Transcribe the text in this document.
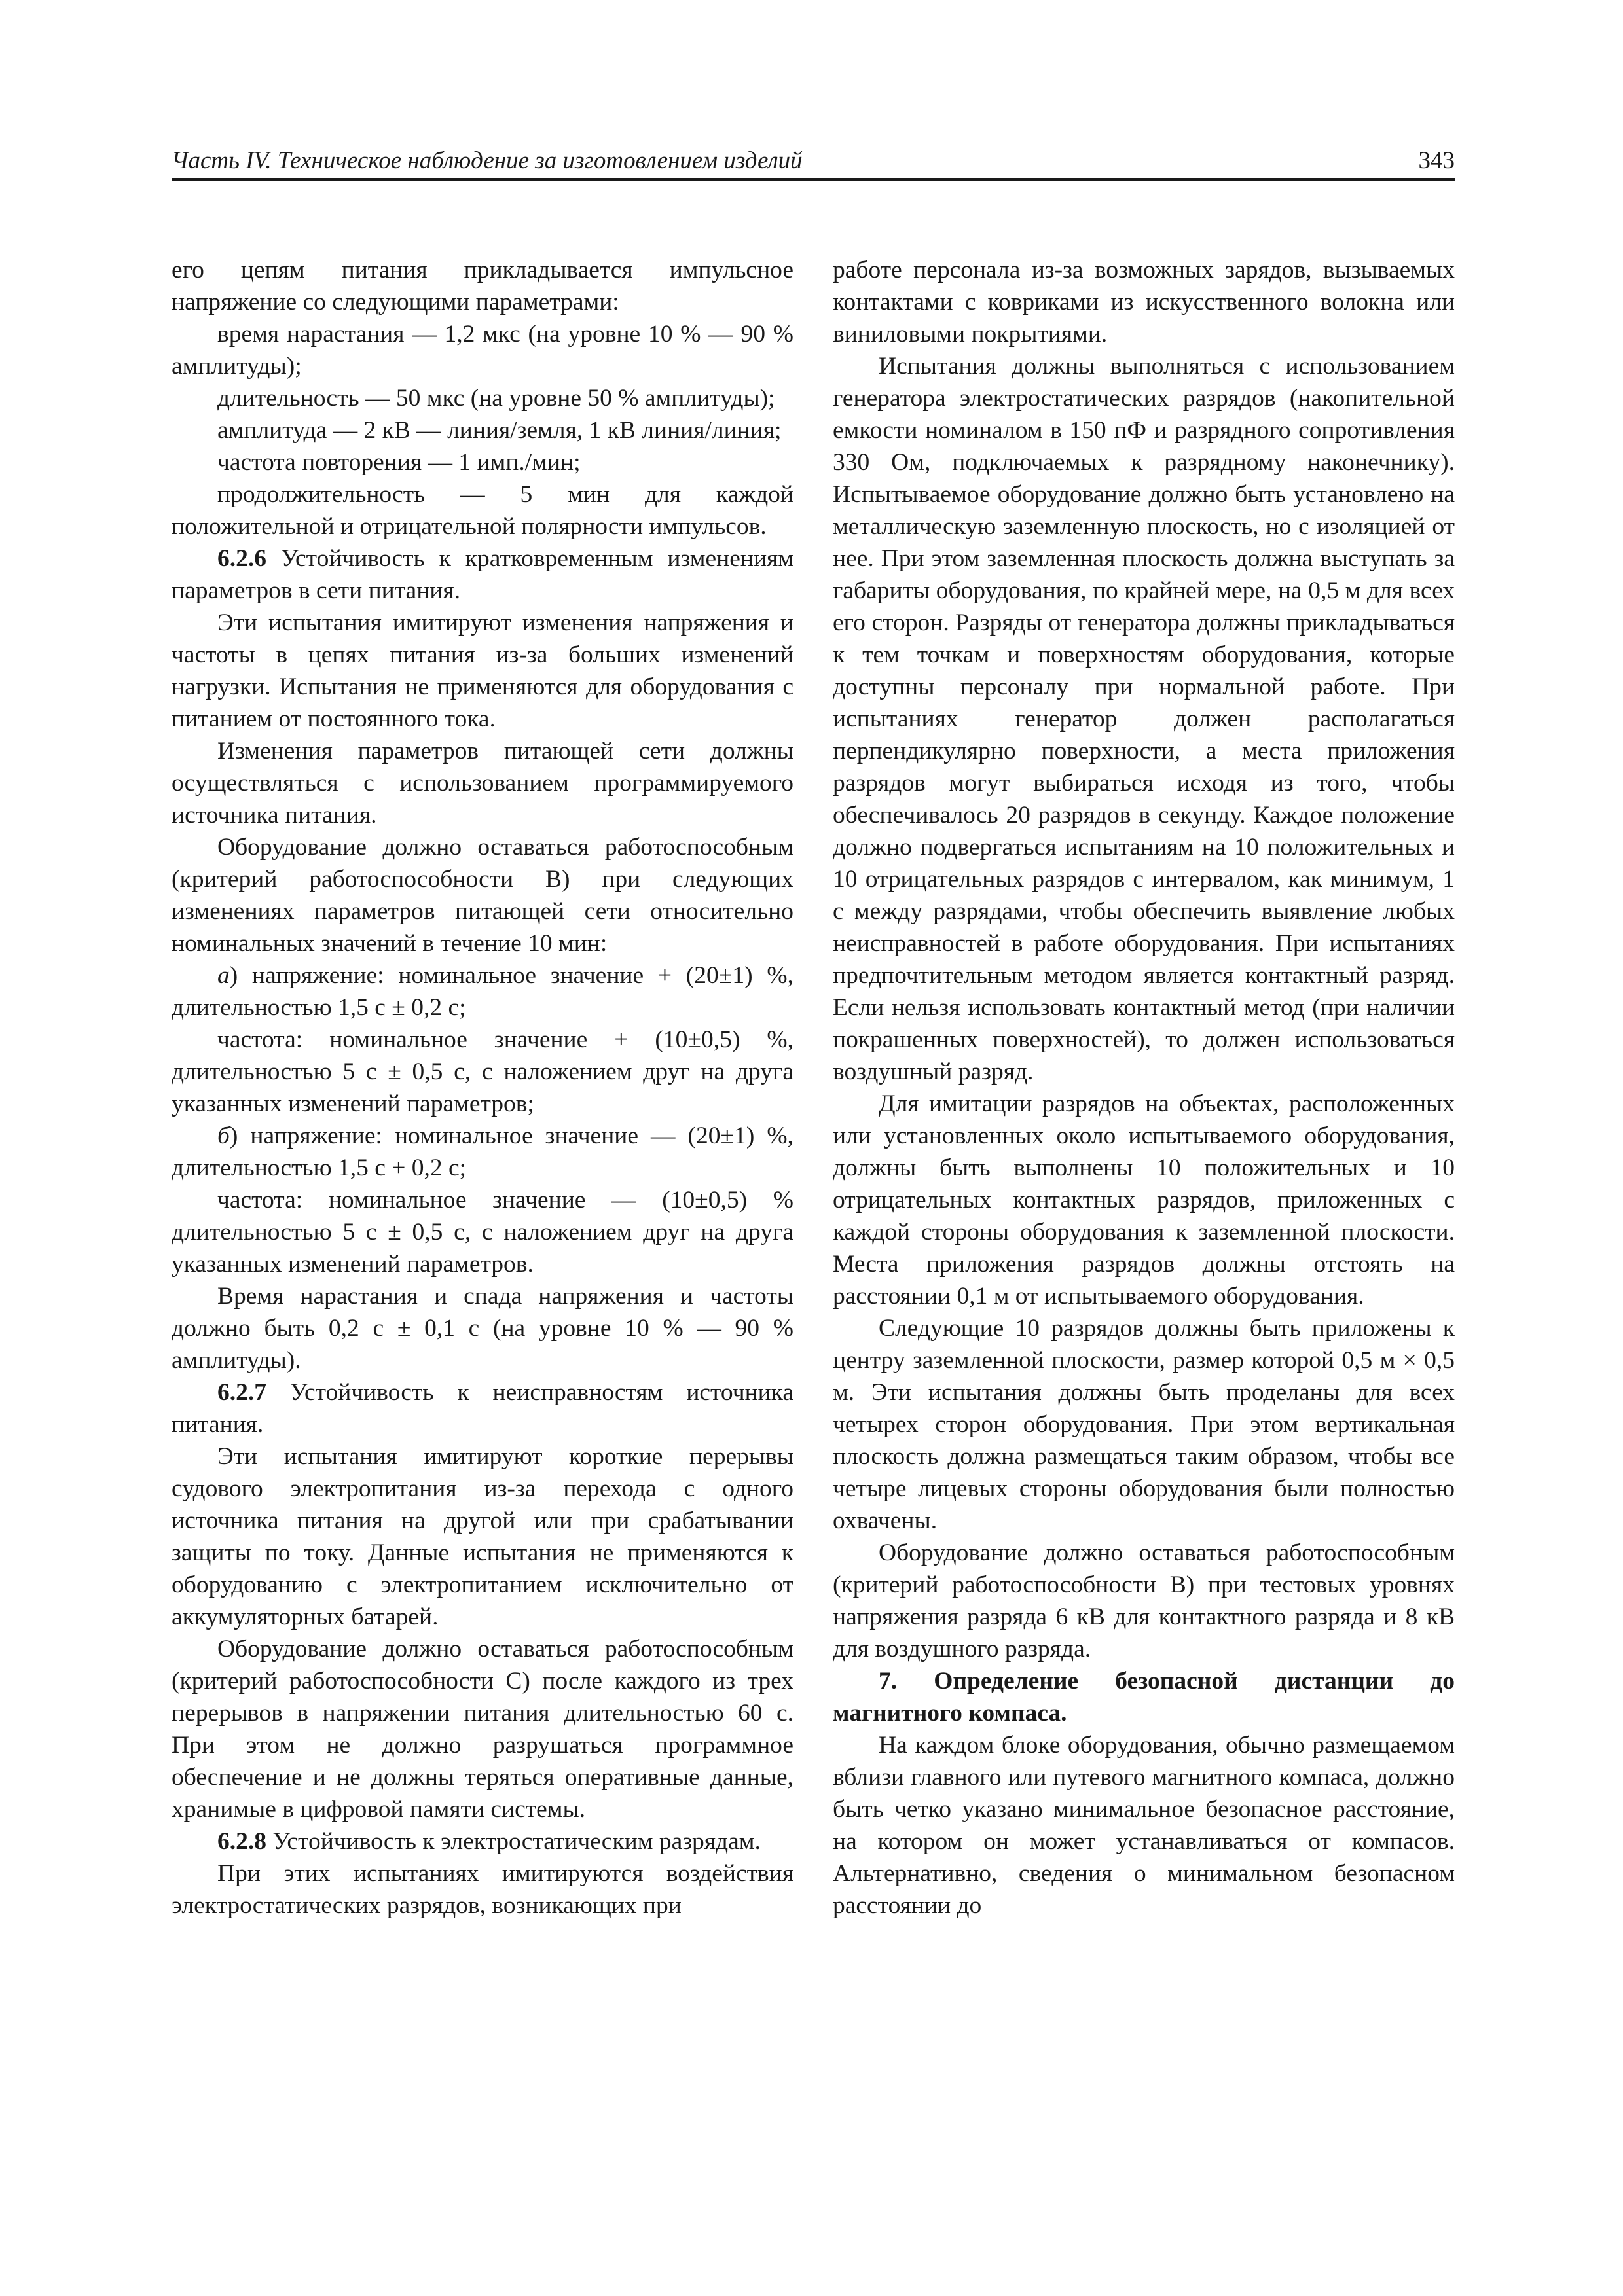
Часть IV. Техническое наблюдение за изготовлением изделий	343

его цепям питания прикладывается импульсное напряжение со следующими параметрами:

время нарастания — 1,2 мкс (на уровне 10 % — 90 % амплитуды);

длительность — 50 мкс (на уровне 50 % амплитуды);

амплитуда — 2 кВ — линия/земля, 1 кВ линия/линия;

частота повторения — 1 имп./мин;

продолжительность — 5 мин для каждой положительной и отрицательной полярности импульсов.

6.2.6 Устойчивость к кратковременным изменениям параметров в сети питания.

Эти испытания имитируют изменения напряжения и частоты в цепях питания из-за больших изменений нагрузки. Испытания не применяются для оборудования с питанием от постоянного тока.

Изменения параметров питающей сети должны осуществляться с использованием программируемого источника питания.

Оборудование должно оставаться работоспособным (критерий работоспособности B) при следующих изменениях параметров питающей сети относительно номинальных значений в течение 10 мин:

а) напряжение: номинальное значение + (20±1) %, длительностью 1,5 с ± 0,2 с;

частота: номинальное значение + (10±0,5) %, длительностью 5 с ± 0,5 с, с наложением друг на друга указанных изменений параметров;

б) напряжение: номинальное значение — (20±1) %, длительностью 1,5 с + 0,2 с;

частота: номинальное значение — (10±0,5) % длительностью 5 с ± 0,5 с, с наложением друг на друга указанных изменений параметров.

Время нарастания и спада напряжения и частоты должно быть 0,2 с ± 0,1 с (на уровне 10 % — 90 % амплитуды).

6.2.7 Устойчивость к неисправностям источника питания.

Эти испытания имитируют короткие перерывы судового электропитания из-за перехода с одного источника питания на другой или при срабатывании защиты по току. Данные испытания не применяются к оборудованию с электропитанием исключительно от аккумуляторных батарей.

Оборудование должно оставаться работоспособным (критерий работоспособности C) после каждого из трех перерывов в напряжении питания длительностью 60 с. При этом не должно разрушаться программное обеспечение и не должны теряться оперативные данные, хранимые в цифровой памяти системы.

6.2.8 Устойчивость к электростатическим разрядам.

При этих испытаниях имитируются воздействия электростатических разрядов, возникающих при

работе персонала из-за возможных зарядов, вызываемых контактами с ковриками из искусственного волокна или виниловыми покрытиями.

Испытания должны выполняться с использованием генератора электростатических разрядов (накопительной емкости номиналом в 150 пФ и разрядного сопротивления 330 Ом, подключаемых к разрядному наконечнику). Испытываемое оборудование должно быть установлено на металлическую заземленную плоскость, но с изоляцией от нее. При этом заземленная плоскость должна выступать за габариты оборудования, по крайней мере, на 0,5 м для всех его сторон. Разряды от генератора должны прикладываться к тем точкам и поверхностям оборудования, которые доступны персоналу при нормальной работе. При испытаниях генератор должен располагаться перпендикулярно поверхности, а места приложения разрядов могут выбираться исходя из того, чтобы обеспечивалось 20 разрядов в секунду. Каждое положение должно подвергаться испытаниям на 10 положительных и 10 отрицательных разрядов с интервалом, как минимум, 1 с между разрядами, чтобы обеспечить выявление любых неисправностей в работе оборудования. При испытаниях предпочтительным методом является контактный разряд. Если нельзя использовать контактный метод (при наличии покрашенных поверхностей), то должен использоваться воздушный разряд.

Для имитации разрядов на объектах, расположенных или установленных около испытываемого оборудования, должны быть выполнены 10 положительных и 10 отрицательных контактных разрядов, приложенных с каждой стороны оборудования к заземленной плоскости. Места приложения разрядов должны отстоять на расстоянии 0,1 м от испытываемого оборудования.

Следующие 10 разрядов должны быть приложены к центру заземленной плоскости, размер которой 0,5 м × 0,5 м. Эти испытания должны быть проделаны для всех четырех сторон оборудования. При этом вертикальная плоскость должна размещаться таким образом, чтобы все четыре лицевых стороны оборудования были полностью охвачены.

Оборудование должно оставаться работоспособным (критерий работоспособности B) при тестовых уровнях напряжения разряда 6 кВ для контактного разряда и 8 кВ для воздушного разряда.

7. Определение безопасной дистанции до магнитного компаса.

На каждом блоке оборудования, обычно размещаемом вблизи главного или путевого магнитного компаса, должно быть четко указано минимальное безопасное расстояние, на котором он может устанавливаться от компасов. Альтернативно, сведения о минимальном безопасном расстоянии до
